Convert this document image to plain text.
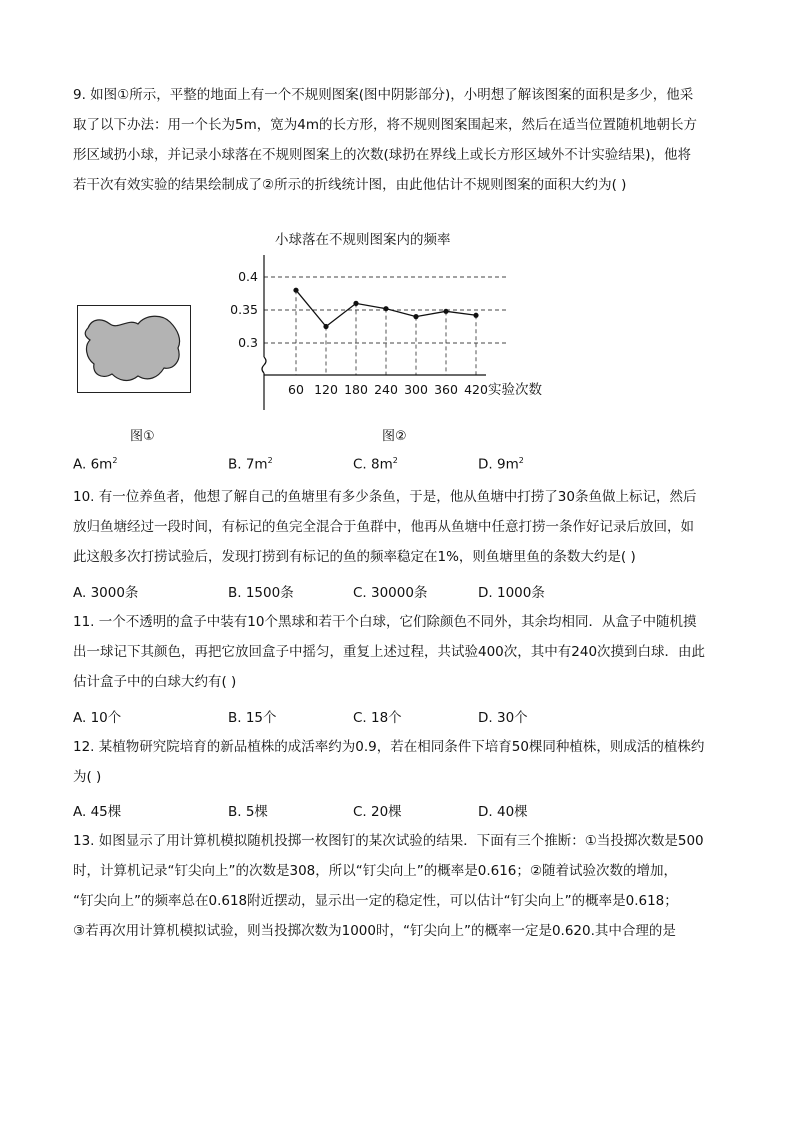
9. 如图①所示，平整的地面上有一个不规则图案(图中阴影部分)，小明想了解该图案的面积是多少，他采
取了以下办法：用一个长为5m，宽为4m的长方形，将不规则图案围起来，然后在适当位置随机地朝长方
形区域扔小球，并记录小球落在不规则图案上的次数(球扔在界线上或长方形区域外不计实验结果)，他将
若干次有效实验的结果绘制成了②所示的折线统计图，由此他估计不规则图案的面积大约为( )
图①
小球落在不规则图案内的频率
实验次数
0.3
0.35
0.4
60 120 180 240 300 360 420
图②
A. $6m^2$	B. $7m^2$	C. $8m^2$	D. $9m^2$
10. 有一位养鱼者，他想了解自己的鱼塘里有多少条鱼，于是，他从鱼塘中打捞了30条鱼做上标记，然后
放归鱼塘经过一段时间，有标记的鱼完全混合于鱼群中，他再从鱼塘中任意打捞一条作好记录后放回，如
此这般多次打捞试验后，发现打捞到有标记的鱼的频率稳定在1%，则鱼塘里鱼的条数大约是( )
A. 3000条	B. 1500条	C. 30000条	D. 1000条
11. 一个不透明的盒子中装有10个黑球和若干个白球，它们除颜色不同外，其余均相同．从盒子中随机摸
出一球记下其颜色，再把它放回盒子中摇匀，重复上述过程，共试验400次，其中有240次摸到白球．由此
估计盒子中的白球大约有( )
A. 10个	B. 15个	C. 18个	D. 30个
12. 某植物研究院培育的新品植株的成活率约为0.9，若在相同条件下培育50棵同种植株，则成活的植株约
为( )
A. 45棵	B. 5棵	C. 20棵	D. 40棵
13. 如图显示了用计算机模拟随机投掷一枚图钉的某次试验的结果．下面有三个推断：①当投掷次数是500
时，计算机记录“钉尖向上”的次数是308，所以“钉尖向上”的概率是0.616；②随着试验次数的增加，
“钉尖向上”的频率总在0.618附近摆动，显示出一定的稳定性，可以估计“钉尖向上”的概率是0.618；
③若再次用计算机模拟试验，则当投掷次数为1000时，“钉尖向上”的概率一定是0.620.其中合理的是
